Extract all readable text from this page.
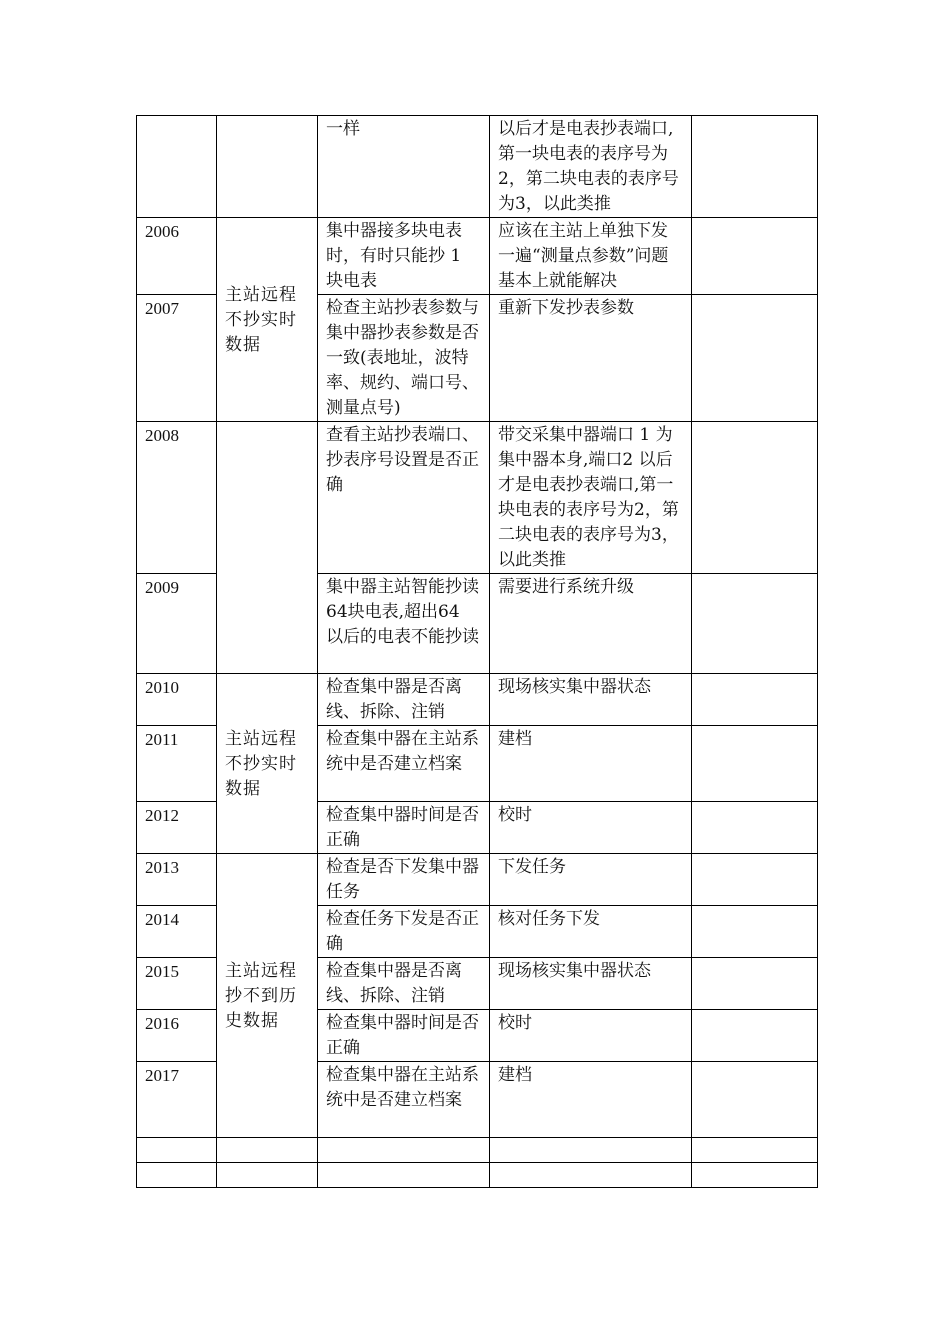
		一样	以后才是电表抄表端口,第一块电表的表序号为2，第二块电表的表序号为3，以此类推	
2006	主站远程不抄实时数据	集中器接多块电表时，有时只能抄 1 块电表	应该在主站上单独下发一遍“测量点参数”问题基本上就能解决	
2007		检查主站抄表参数与集中器抄表参数是否一致(表地址，波特率、规约、端口号、测量点号)	重新下发抄表参数	
2008		查看主站抄表端口、抄表序号设置是否正确	带交采集中器端口 1 为集中器本身,端口2 以后才是电表抄表端口,第一块电表的表序号为2，第二块电表的表序号为3，以此类推	
2009		集中器主站智能抄读64块电表,超出64 以后的电表不能抄读	需要进行系统升级	
2010	主站远程不抄实时数据	检查集中器是否离线、拆除、注销	现场核实集中器状态	
2011		检查集中器在主站系统中是否建立档案	建档	
2012		检查集中器时间是否正确	校时	
2013	主站远程抄不到历史数据	检查是否下发集中器任务	下发任务	
2014		检查任务下发是否正确	核对任务下发	
2015		检查集中器是否离线、拆除、注销	现场核实集中器状态	
2016		检查集中器时间是否正确	校时	
2017		检查集中器在主站系统中是否建立档案	建档	
